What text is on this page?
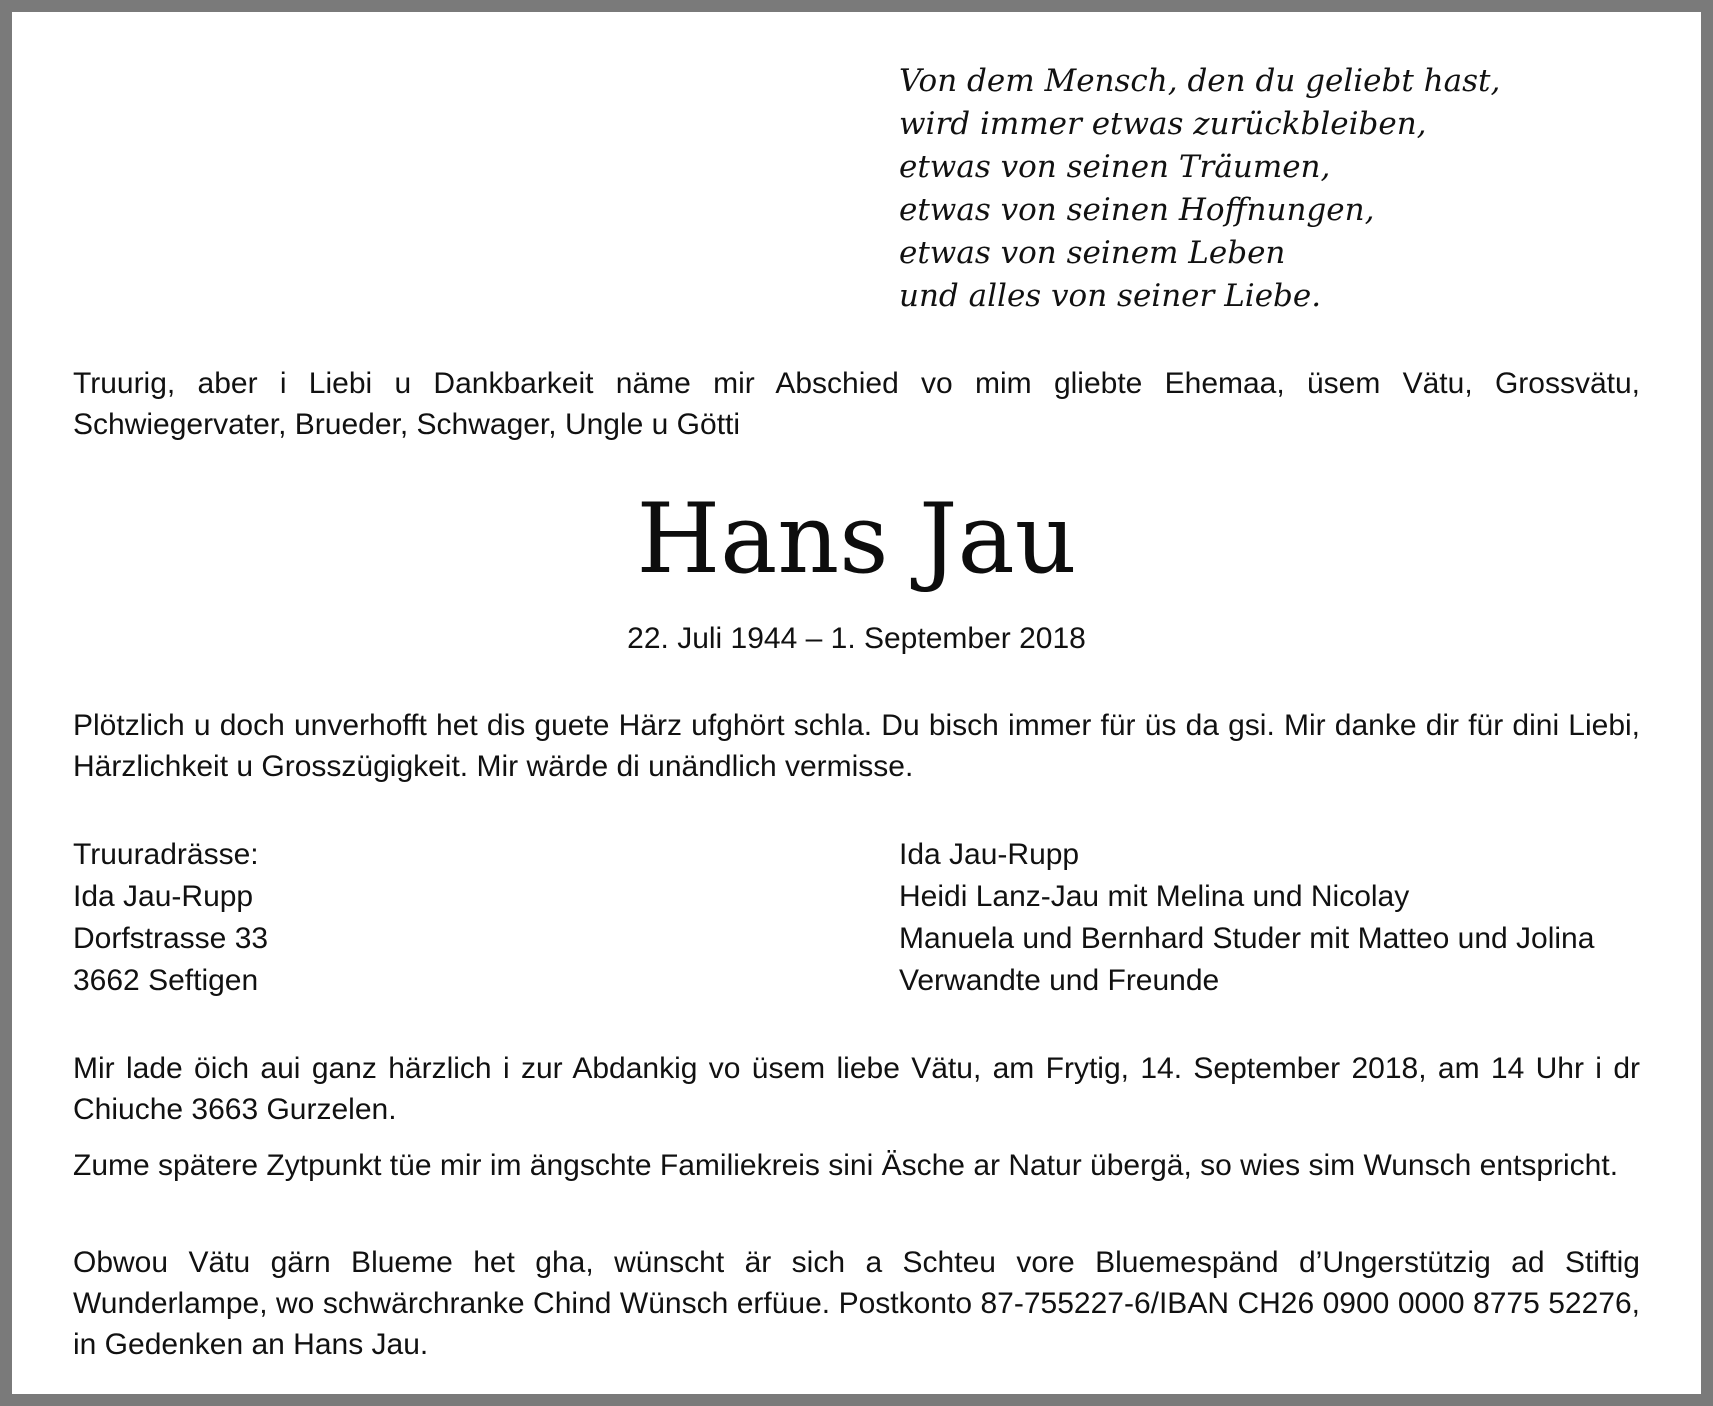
Von dem Mensch, den du geliebt hast,
wird immer etwas zurückbleiben,
etwas von seinen Träumen,
etwas von seinen Hoffnungen,
etwas von seinem Leben
und alles von seiner Liebe.
Truurig, aber i Liebi u Dankbarkeit näme mir Abschied vo mim gliebte Ehemaa, üsem Vätu, Grossvätu, Schwiegervater, Brueder, Schwager, Ungle u Götti
Hans Jau
22. Juli 1944 – 1. September 2018
Plötzlich u doch unverhofft het dis guete Härz ufghört schla. Du bisch immer für üs da gsi. Mir danke dir für dini Liebi, Härzlichkeit u Grosszügigkeit. Mir wärde di unändlich vermisse.
Truuradrässe:
Ida Jau-Rupp
Dorfstrasse 33
3662 Seftigen
Ida Jau-Rupp
Heidi Lanz-Jau mit Melina und Nicolay
Manuela und Bernhard Studer mit Matteo und Jolina
Verwandte und Freunde
Mir lade öich aui ganz härzlich i zur Abdankig vo üsem liebe Vätu, am Frytig, 14. September 2018, am 14 Uhr i dr Chiuche 3663 Gurzelen.
Zume spätere Zytpunkt tüe mir im ängschte Familiekreis sini Äsche ar Natur übergä, so wies sim Wunsch entspricht.
Obwou Vätu gärn Blueme het gha, wünscht är sich a Schteu vore Bluemespänd d’Ungerstützig ad Stiftig Wunderlampe, wo schwärchranke Chind Wünsch erfüue. Postkonto 87-755227-6/IBAN CH26 0900 0000 8775 52276, in Gedenken an Hans Jau.
